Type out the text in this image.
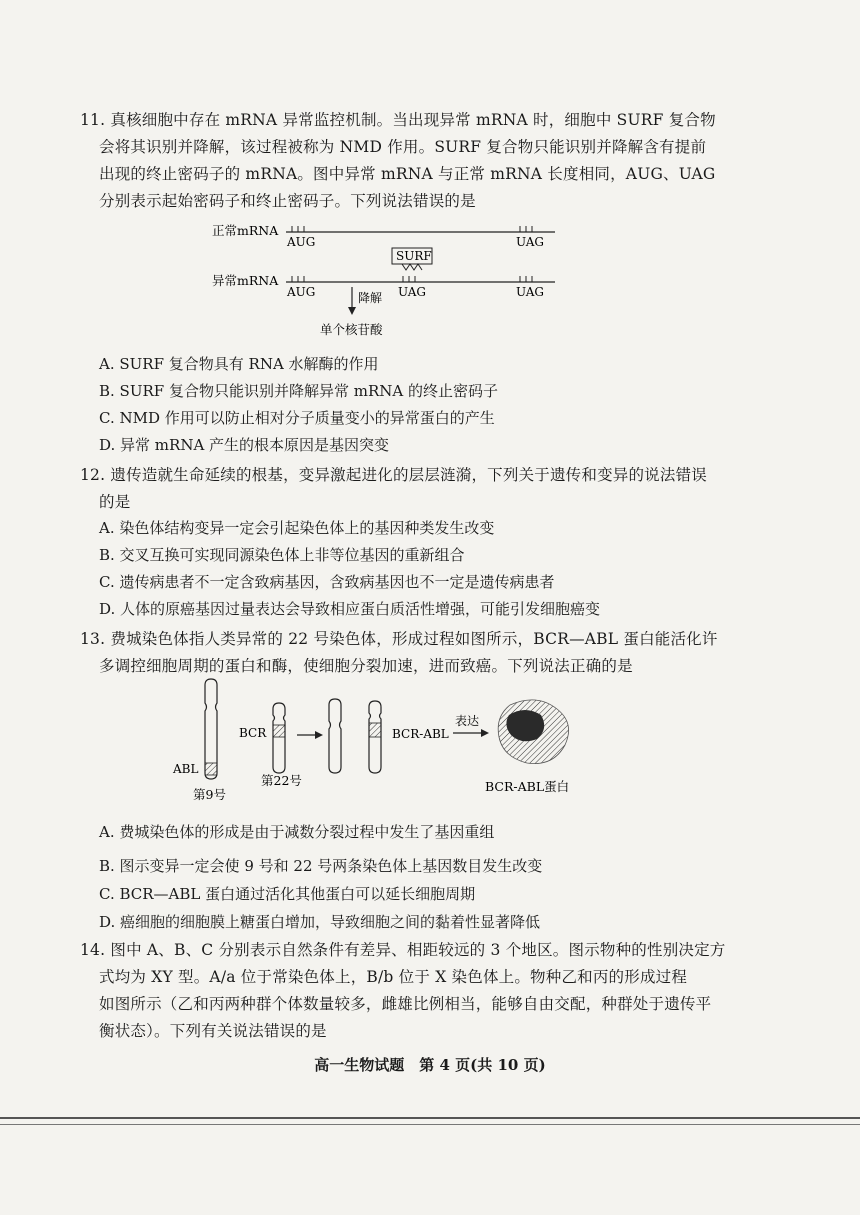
11. 真核细胞中存在 mRNA 异常监控机制。当出现异常 mRNA 时，细胞中 SURF 复合物
会将其识别并降解，该过程被称为 NMD 作用。SURF 复合物只能识别并降解含有提前
出现的终止密码子的 mRNA。图中异常 mRNA 与正常 mRNA 长度相同，AUG、UAG
分别表示起始密码子和终止密码子。下列说法错误的是
正常mRNA
AUG	UAG
SURF
异常mRNA
AUG	UAG	UAG
降解
单个核苷酸
A. SURF 复合物具有 RNA 水解酶的作用
B. SURF 复合物只能识别并降解异常 mRNA 的终止密码子
C. NMD 作用可以防止相对分子质量变小的异常蛋白的产生
D. 异常 mRNA 产生的根本原因是基因突变
12. 遗传造就生命延续的根基，变异激起进化的层层涟漪，下列关于遗传和变异的说法错误
的是
A. 染色体结构变异一定会引起染色体上的基因种类发生改变
B. 交叉互换可实现同源染色体上非等位基因的重新组合
C. 遗传病患者不一定含致病基因，含致病基因也不一定是遗传病患者
D. 人体的原癌基因过量表达会导致相应蛋白质活性增强，可能引发细胞癌变
13. 费城染色体指人类异常的 22 号染色体，形成过程如图所示，BCR—ABL 蛋白能活化许
多调控细胞周期的蛋白和酶，使细胞分裂加速，进而致癌。下列说法正确的是
ABL
第9号
BCR
第22号
BCR-ABL
表达
BCR-ABL蛋白
A. 费城染色体的形成是由于减数分裂过程中发生了基因重组
B. 图示变异一定会使 9 号和 22 号两条染色体上基因数目发生改变
C. BCR—ABL 蛋白通过活化其他蛋白可以延长细胞周期
D. 癌细胞的细胞膜上糖蛋白增加，导致细胞之间的黏着性显著降低
14. 图中 A、B、C 分别表示自然条件有差异、相距较远的 3 个地区。图示物种的性别决定方
式均为 XY 型。A/a 位于常染色体上，B/b 位于 X 染色体上。物种乙和丙的形成过程
如图所示（乙和丙两种群个体数量较多，雌雄比例相当，能够自由交配，种群处于遗传平
衡状态）。下列有关说法错误的是
高一生物试题　第 4 页(共 10 页)
